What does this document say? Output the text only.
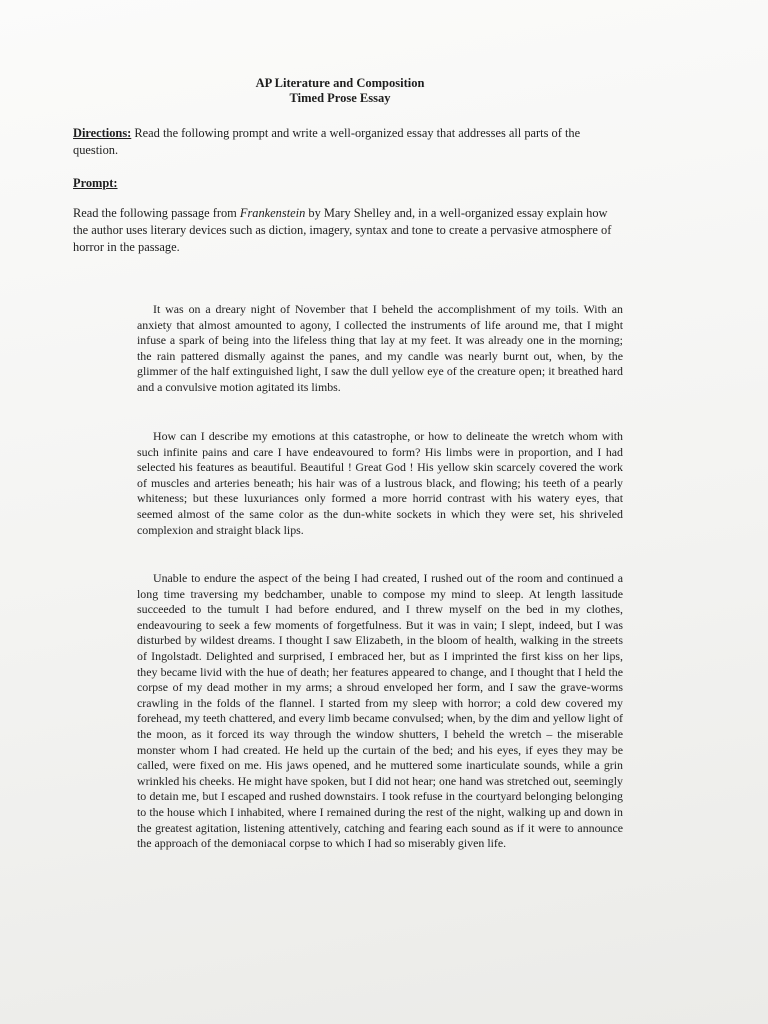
AP Literature and Composition
Timed Prose Essay
Directions: Read the following prompt and write a well-organized essay that addresses all parts of the question.
Prompt:
Read the following passage from Frankenstein by Mary Shelley and, in a well-organized essay explain how the author uses literary devices such as diction, imagery, syntax and tone to create a pervasive atmosphere of horror in the passage.

It was on a dreary night of November that I beheld the accomplishment of my toils. With an anxiety that almost amounted to agony, I collected the instruments of life around me, that I might infuse a spark of being into the lifeless thing that lay at my feet. It was already one in the morning; the rain pattered dismally against the panes, and my candle was nearly burnt out, when, by the glimmer of the half extinguished light, I saw the dull yellow eye of the creature open; it breathed hard and a convulsive motion agitated its limbs.

How can I describe my emotions at this catastrophe, or how to delineate the wretch whom with such infinite pains and care I have endeavoured to form? His limbs were in proportion, and I had selected his features as beautiful. Beautiful ! Great God ! His yellow skin scarcely covered the work of muscles and arteries beneath; his hair was of a lustrous black, and flowing; his teeth of a pearly whiteness; but these luxuriances only formed a more horrid contrast with his watery eyes, that seemed almost of the same color as the dun-white sockets in which they were set, his shriveled complexion and straight black lips.

Unable to endure the aspect of the being I had created, I rushed out of the room and continued a long time traversing my bedchamber, unable to compose my mind to sleep. At length lassitude succeeded to the tumult I had before endured, and I threw myself on the bed in my clothes, endeavouring to seek a few moments of forgetfulness. But it was in vain; I slept, indeed, but I was disturbed by wildest dreams. I thought I saw Elizabeth, in the bloom of health, walking in the streets of Ingolstadt. Delighted and surprised, I embraced her, but as I imprinted the first kiss on her lips, they became livid with the hue of death; her features appeared to change, and I thought that I held the corpse of my dead mother in my arms; a shroud enveloped her form, and I saw the grave-worms crawling in the folds of the flannel. I started from my sleep with horror; a cold dew covered my forehead, my teeth chattered, and every limb became convulsed; when, by the dim and yellow light of the moon, as it forced its way through the window shutters, I beheld the wretch – the miserable monster whom I had created. He held up the curtain of the bed; and his eyes, if eyes they may be called, were fixed on me. His jaws opened, and he muttered some inarticulate sounds, while a grin wrinkled his cheeks. He might have spoken, but I did not hear; one hand was stretched out, seemingly to detain me, but I escaped and rushed downstairs. I took refuse in the courtyard belonging belonging to the house which I inhabited, where I remained during the rest of the night, walking up and down in the greatest agitation, listening attentively, catching and fearing each sound as if it were to announce the approach of the demoniacal corpse to which I had so miserably given life.
